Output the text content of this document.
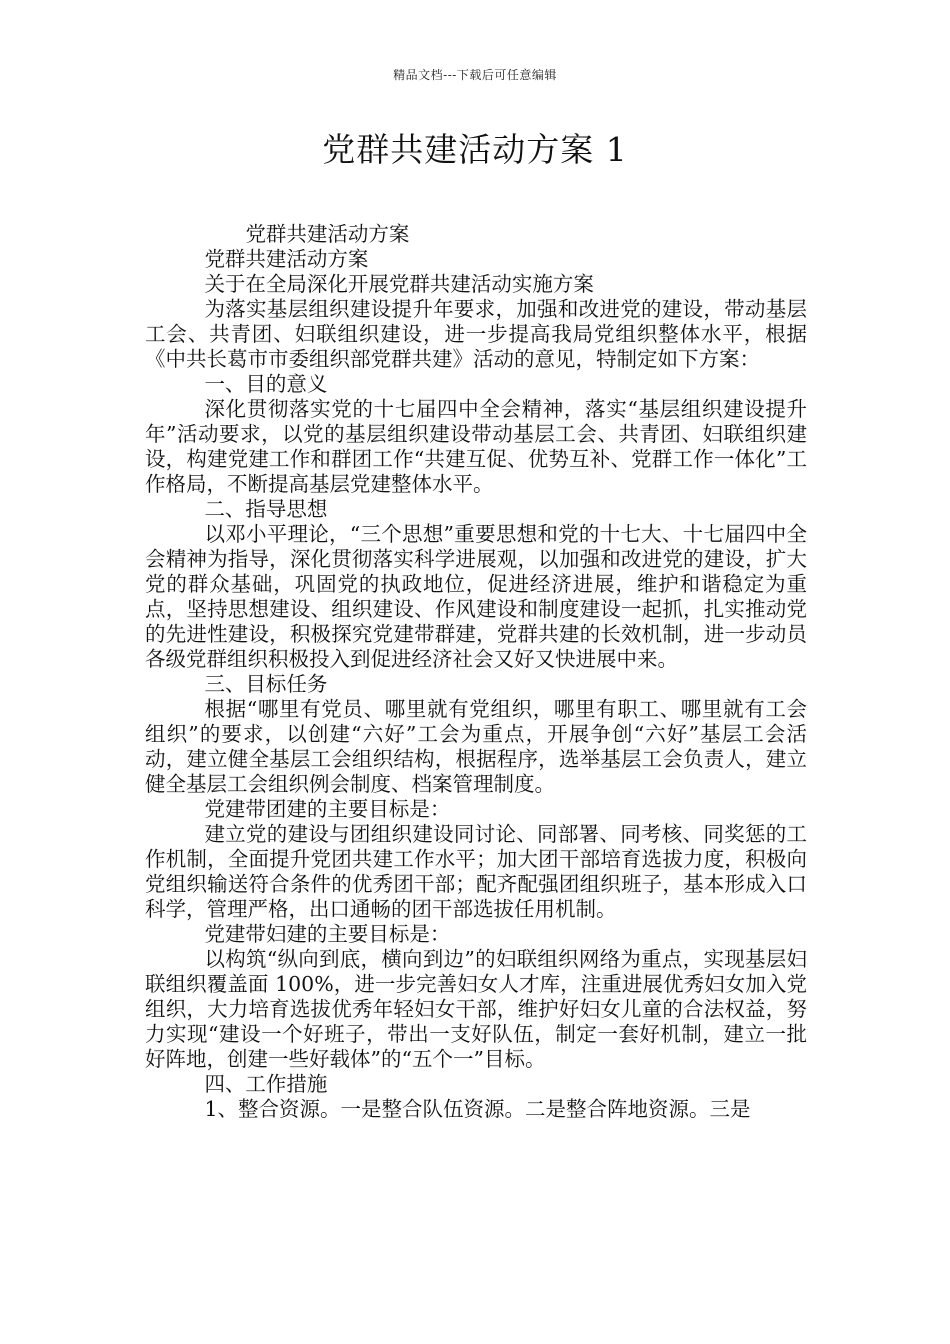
精品文档---下载后可任意编辑
党群共建活动方案 1

党群共建活动方案

党群共建活动方案

关于在全局深化开展党群共建活动实施方案

为落实基层组织建设提升年要求，加强和改进党的建设，带动基层工会、共青团、妇联组织建设，进一步提高我局党组织整体水平，根据《中共长葛市市委组织部党群共建》活动的意见，特制定如下方案：

一、目的意义

深化贯彻落实党的十七届四中全会精神，落实“基层组织建设提升年”活动要求，以党的基层组织建设带动基层工会、共青团、妇联组织建设，构建党建工作和群团工作“共建互促、优势互补、党群工作一体化”工作格局，不断提高基层党建整体水平。

二、指导思想

以邓小平理论，“三个思想”重要思想和党的十七大、十七届四中全会精神为指导，深化贯彻落实科学进展观，以加强和改进党的建设，扩大党的群众基础，巩固党的执政地位，促进经济进展，维护和谐稳定为重点，坚持思想建设、组织建设、作风建设和制度建设一起抓，扎实推动党的先进性建设，积极探究党建带群建，党群共建的长效机制，进一步动员各级党群组织积极投入到促进经济社会又好又快进展中来。

三、目标任务

根据“哪里有党员、哪里就有党组织，哪里有职工、哪里就有工会组织”的要求，以创建“六好”工会为重点，开展争创“六好”基层工会活动，建立健全基层工会组织结构，根据程序，选举基层工会负责人，建立健全基层工会组织例会制度、档案管理制度。

党建带团建的主要目标是：

建立党的建设与团组织建设同讨论、同部署、同考核、同奖惩的工作机制，全面提升党团共建工作水平；加大团干部培育选拔力度，积极向党组织输送符合条件的优秀团干部；配齐配强团组织班子，基本形成入口科学，管理严格，出口通畅的团干部选拔任用机制。

党建带妇建的主要目标是：

以构筑“纵向到底，横向到边”的妇联组织网络为重点，实现基层妇联组织覆盖面 100%，进一步完善妇女人才库，注重进展优秀妇女加入党组织，大力培育选拔优秀年轻妇女干部，维护好妇女儿童的合法权益，努力实现“建设一个好班子，带出一支好队伍，制定一套好机制，建立一批好阵地，创建一些好载体”的“五个一”目标。

四、工作措施

1、整合资源。一是整合队伍资源。二是整合阵地资源。三是
